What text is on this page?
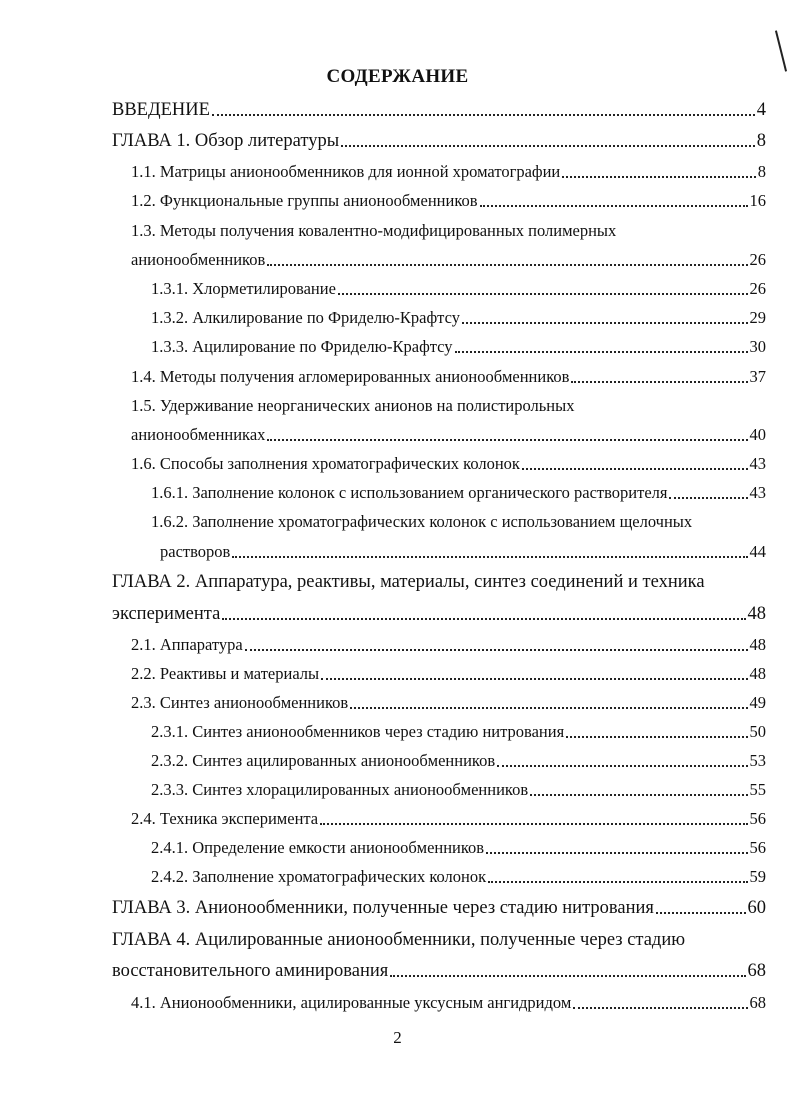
СОДЕРЖАНИЕ
ВВЕДЕНИЕ	4
ГЛАВА 1. Обзор литературы	8
1.1. Матрицы анионообменников для ионной хроматографии	8
1.2. Функциональные группы анионообменников	16
1.3. Методы получения ковалентно-модифицированных полимерных
анионообменников	26
1.3.1. Хлорметилирование	26
1.3.2. Алкилирование по Фриделю-Крафтсу	29
1.3.3. Ацилирование по Фриделю-Крафтсу	30
1.4. Методы получения агломерированных анионообменников	37
1.5. Удерживание неорганических анионов на полистирольных
анионообменниках	40
1.6. Способы заполнения хроматографических колонок	43
1.6.1. Заполнение колонок с использованием органического растворителя	43
1.6.2. Заполнение хроматографических колонок с использованием щелочных
растворов	44
ГЛАВА 2. Аппаратура, реактивы, материалы, синтез соединений и техника
эксперимента	48
2.1. Аппаратура	48
2.2. Реактивы и материалы	48
2.3. Синтез анионообменников	49
2.3.1. Синтез анионообменников через стадию нитрования	50
2.3.2. Синтез ацилированных анионообменников	53
2.3.3. Синтез хлорацилированных анионообменников	55
2.4. Техника эксперимента	56
2.4.1. Определение емкости анионообменников	56
2.4.2. Заполнение хроматографических колонок	59
ГЛАВА 3. Анионообменники, полученные через стадию нитрования	60
ГЛАВА 4. Ацилированные анионообменники, полученные через стадию
восстановительного аминирования	68
4.1. Анионообменники, ацилированные уксусным ангидридом	68
2
